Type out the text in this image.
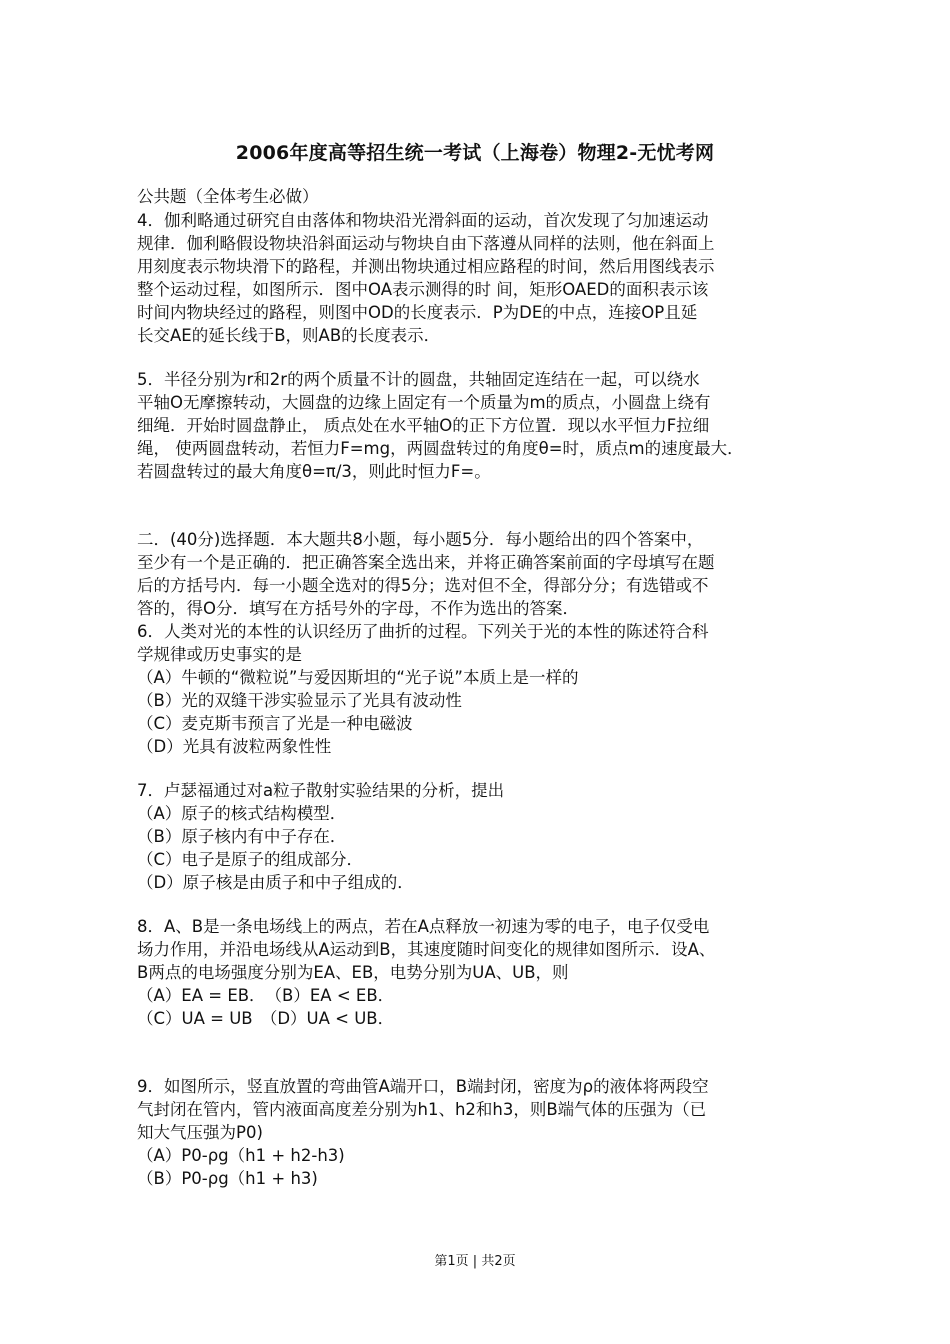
2006年度高等招生统一考试（上海卷）物理2-无忧考网
公共题（全体考生必做）
4．伽利略通过研究自由落体和物块沿光滑斜面的运动，首次发现了匀加速运动
规律．伽利略假设物块沿斜面运动与物块自由下落遵从同样的法则，他在斜面上
用刻度表示物块滑下的路程，并测出物块通过相应路程的时间，然后用图线表示
整个运动过程，如图所示．图中OA表示测得的时 间，矩形OAED的面积表示该
时间内物块经过的路程，则图中OD的长度表示．P为DE的中点，连接OP且延
长交AE的延长线于B，则AB的长度表示．
5．半径分别为r和2r的两个质量不计的圆盘，共轴固定连结在一起，可以绕水
平轴O无摩擦转动，大圆盘的边缘上固定有一个质量为m的质点，小圆盘上绕有
细绳．开始时圆盘静止， 质点处在水平轴O的正下方位置．现以水平恒力F拉细
绳， 使两圆盘转动，若恒力F=mg，两圆盘转过的角度θ=时，质点m的速度最大．
若圆盘转过的最大角度θ=π/3，则此时恒力F=。
二．(40分)选择题．本大题共8小题，每小题5分．每小题给出的四个答案中，
至少有一个是正确的．把正确答案全选出来，并将正确答案前面的字母填写在题
后的方括号内．每一小题全选对的得5分；选对但不全，得部分分；有选错或不
答的，得O分．填写在方括号外的字母，不作为选出的答案．
6．人类对光的本性的认识经历了曲折的过程。下列关于光的本性的陈述符合科
学规律或历史事实的是
（A）牛顿的“微粒说”与爱因斯坦的“光子说”本质上是一样的
（B）光的双缝干涉实验显示了光具有波动性
（C）麦克斯韦预言了光是一种电磁波
（D）光具有波粒两象性性
7．卢瑟福通过对a粒子散射实验结果的分析，提出
（A）原子的核式结构模型．
（B）原子核内有中子存在．
（C）电子是原子的组成部分．
（D）原子核是由质子和中子组成的．
8．A、B是一条电场线上的两点，若在A点释放一初速为零的电子，电子仅受电
场力作用，并沿电场线从A运动到B，其速度随时间变化的规律如图所示．设A、
B两点的电场强度分别为EA、EB，电势分别为UA、UB，则
（A）EA = EB．　（B）EA < EB．
（C）UA = UB　（D）UA < UB．
9．如图所示，竖直放置的弯曲管A端开口，B端封闭，密度为ρ的液体将两段空
气封闭在管内，管内液面高度差分别为h1、h2和h3，则B端气体的压强为（已
知大气压强为P0)
（A）P0-ρg（h1 + h2-h3)
（B）P0-ρg（h1 + h3)
第1页 | 共2页
